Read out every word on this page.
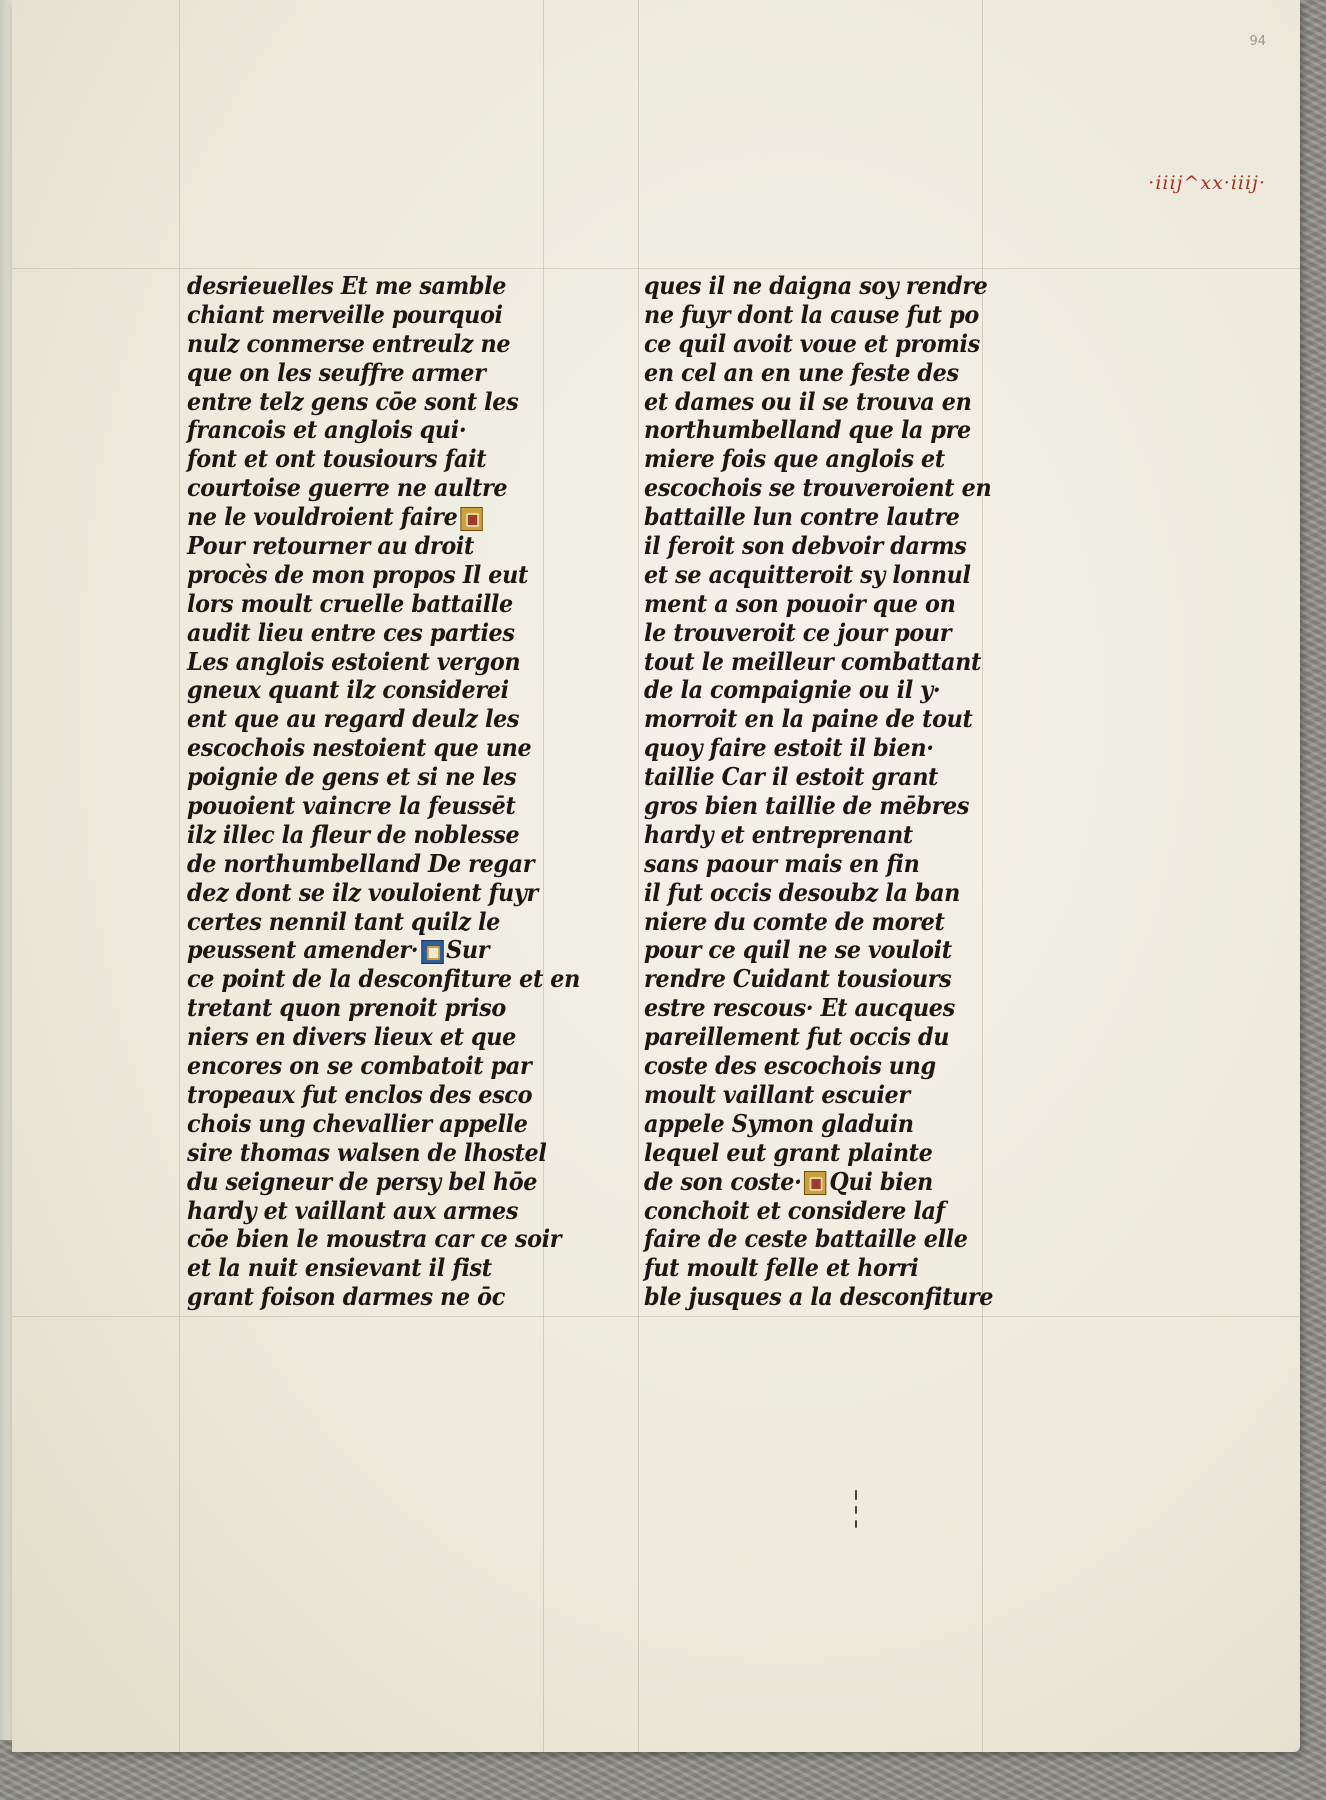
94
·iiij^xx·iiij·
desrieuelles Et me samble
chiant merveille pourquoi
nulz conmerse entreulz ne
que on les seuffre armer
entre telz gens cōe sont les
francois et anglois qui·
font et ont tousiours fait
courtoise guerre ne aultre
ne le vouldroient faire
Pour retourner au droit
procès de mon propos Il eut
lors moult cruelle battaille
audit lieu entre ces parties
Les anglois estoient vergon
gneux quant ilz considerei
ent que au regard deulz les
escochois nestoient que une
poignie de gens et si ne les
pouoient vaincre la feussēt
ilz illec la fleur de noblesse
de northumbelland De regar
dez dont se ilz vouloient fuyr
certes nennil tant quilz le
peussent amender· Sur
ce point de la desconfiture et en
tretant quon prenoit priso
niers en divers lieux et que
encores on se combatoit par
tropeaux fut enclos des esco
chois ung chevallier appelle
sire thomas walsen de lhostel
du seigneur de persy bel hōe
hardy et vaillant aux armes
cōe bien le moustra car ce soir
et la nuit ensievant il fist
grant foison darmes ne ōc
ques il ne daigna soy rendre
ne fuyr dont la cause fut po
ce quil avoit voue et promis
en cel an en une feste des
et dames ou il se trouva en
northumbelland que la pre
miere fois que anglois et
escochois se trouveroient en
battaille lun contre lautre
il feroit son debvoir darms
et se acquitteroit sy lonnul
ment a son pouoir que on
le trouveroit ce jour pour
tout le meilleur combattant
de la compaignie ou il y·
morroit en la paine de tout
quoy faire estoit il bien·
taillie Car il estoit grant
gros bien taillie de mēbres
hardy et entreprenant
sans paour mais en fin
il fut occis desoubz la ban
niere du comte de moret
pour ce quil ne se vouloit
rendre Cuidant tousiours
estre rescous· Et aucques
pareillement fut occis du
coste des escochois ung
moult vaillant escuier
appele Symon gladuin
lequel eut grant plainte
de son coste· Qui bien
conchoit et considere laf
faire de ceste battaille elle
fut moult felle et horri
ble jusques a la desconfiture
